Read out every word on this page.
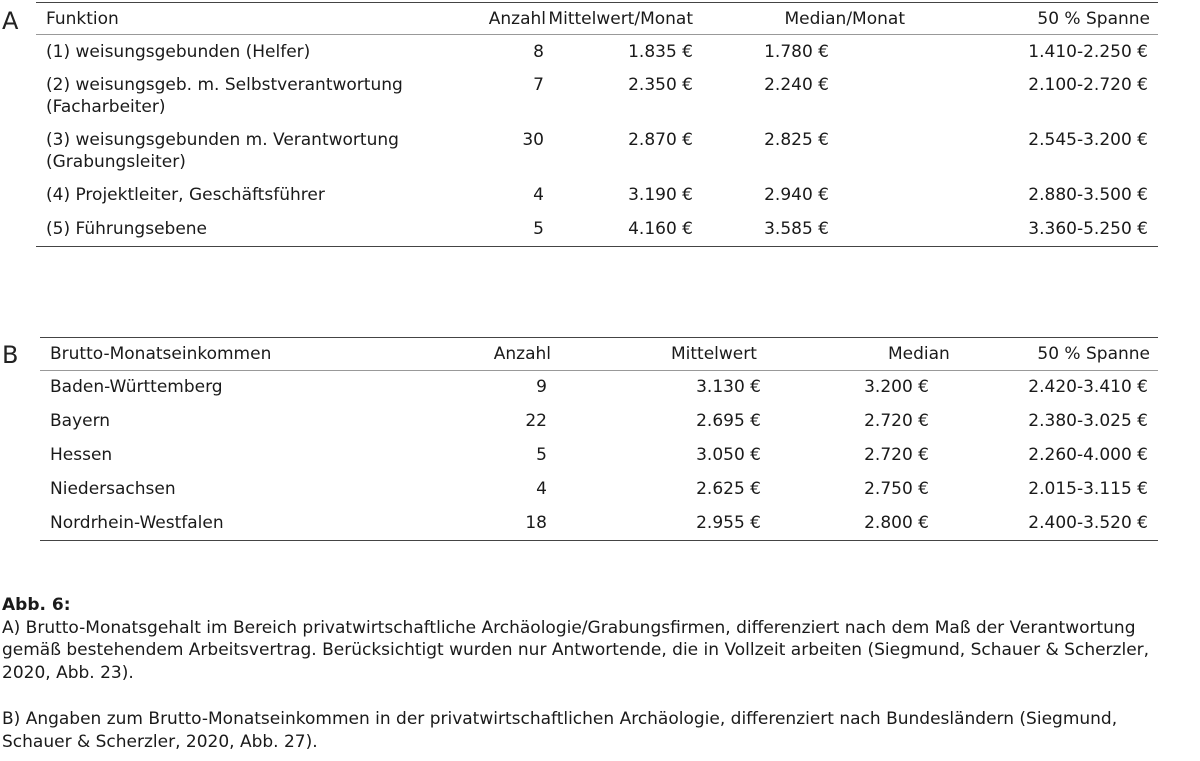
A Funktion	Anzahl	Mittelwert/Monat	Median/Monat	50 % Spanne
(1) weisungsgebunden (Helfer)	8	1.835 €	1.780 €	1.410-2.250 €
(2) weisungsgeb. m. Selbstverantwortung (Facharbeiter)	7	2.350 €	2.240 €	2.100-2.720 €
(3) weisungsgebunden m. Verantwortung (Grabungsleiter)	30	2.870 €	2.825 €	2.545-3.200 €
(4) Projektleiter, Geschäftsführer	4	3.190 €	2.940 €	2.880-3.500 €
(5) Führungsebene	5	4.160 €	3.585 €	3.360-5.250 €
B Brutto-Monatseinkommen	Anzahl	Mittelwert	Median	50 % Spanne
Baden-Württemberg	9	3.130 €	3.200 €	2.420-3.410 €
Bayern	22	2.695 €	2.720 €	2.380-3.025 €
Hessen	5	3.050 €	2.720 €	2.260-4.000 €
Niedersachsen	4	2.625 €	2.750 €	2.015-3.115 €
Nordrhein-Westfalen	18	2.955 €	2.800 €	2.400-3.520 €
Abb. 6:

A) Brutto-Monatsgehalt im Bereich privatwirtschaftliche Archäologie/Grabungsfirmen, differenziert nach dem Maß der Verantwortung gemäß bestehendem Arbeitsvertrag. Berücksichtigt wurden nur Antwortende, die in Vollzeit arbeiten (Siegmund, Schauer & Scherzler, 2020, Abb. 23).

B) Angaben zum Brutto-Monatseinkommen in der privatwirtschaftlichen Archäologie, differenziert nach Bundesländern (Siegmund, Schauer & Scherzler, 2020, Abb. 27).
